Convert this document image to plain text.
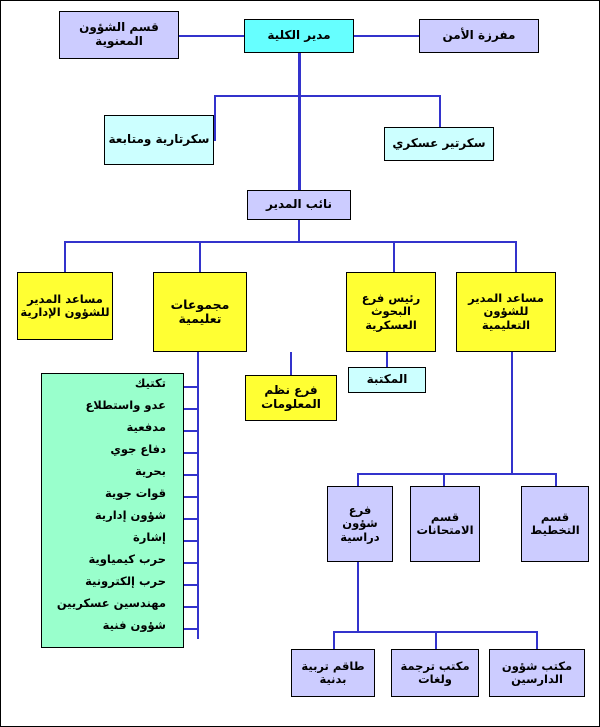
مدير الكلية
قسم الشؤون المعنوية	مفرزة الأمن
سكرتارية ومتابعة	سكرتير عسكري
نائب المدير
مساعد المدير للشؤون الإدارية
مجموعات تعليمية
رئيس فرع البحوث العسكرية
مساعد المدير للشؤون التعليمية
فرع نظم المعلومات
المكتبة
تكتيك
عدو واستطلاع
مدفعية
دفاع جوي
بحرية
قوات جوية
شؤون إدارية
إشارة
حرب كيمياوية
حرب إلكترونية
مهندسين عسكريين
شؤون فنية
فرع شؤون دراسية
قسم الامتحانات
قسم التخطيط
طاقم تربية بدنية
مكتب ترجمة ولغات
مكتب شؤون الدارسين
